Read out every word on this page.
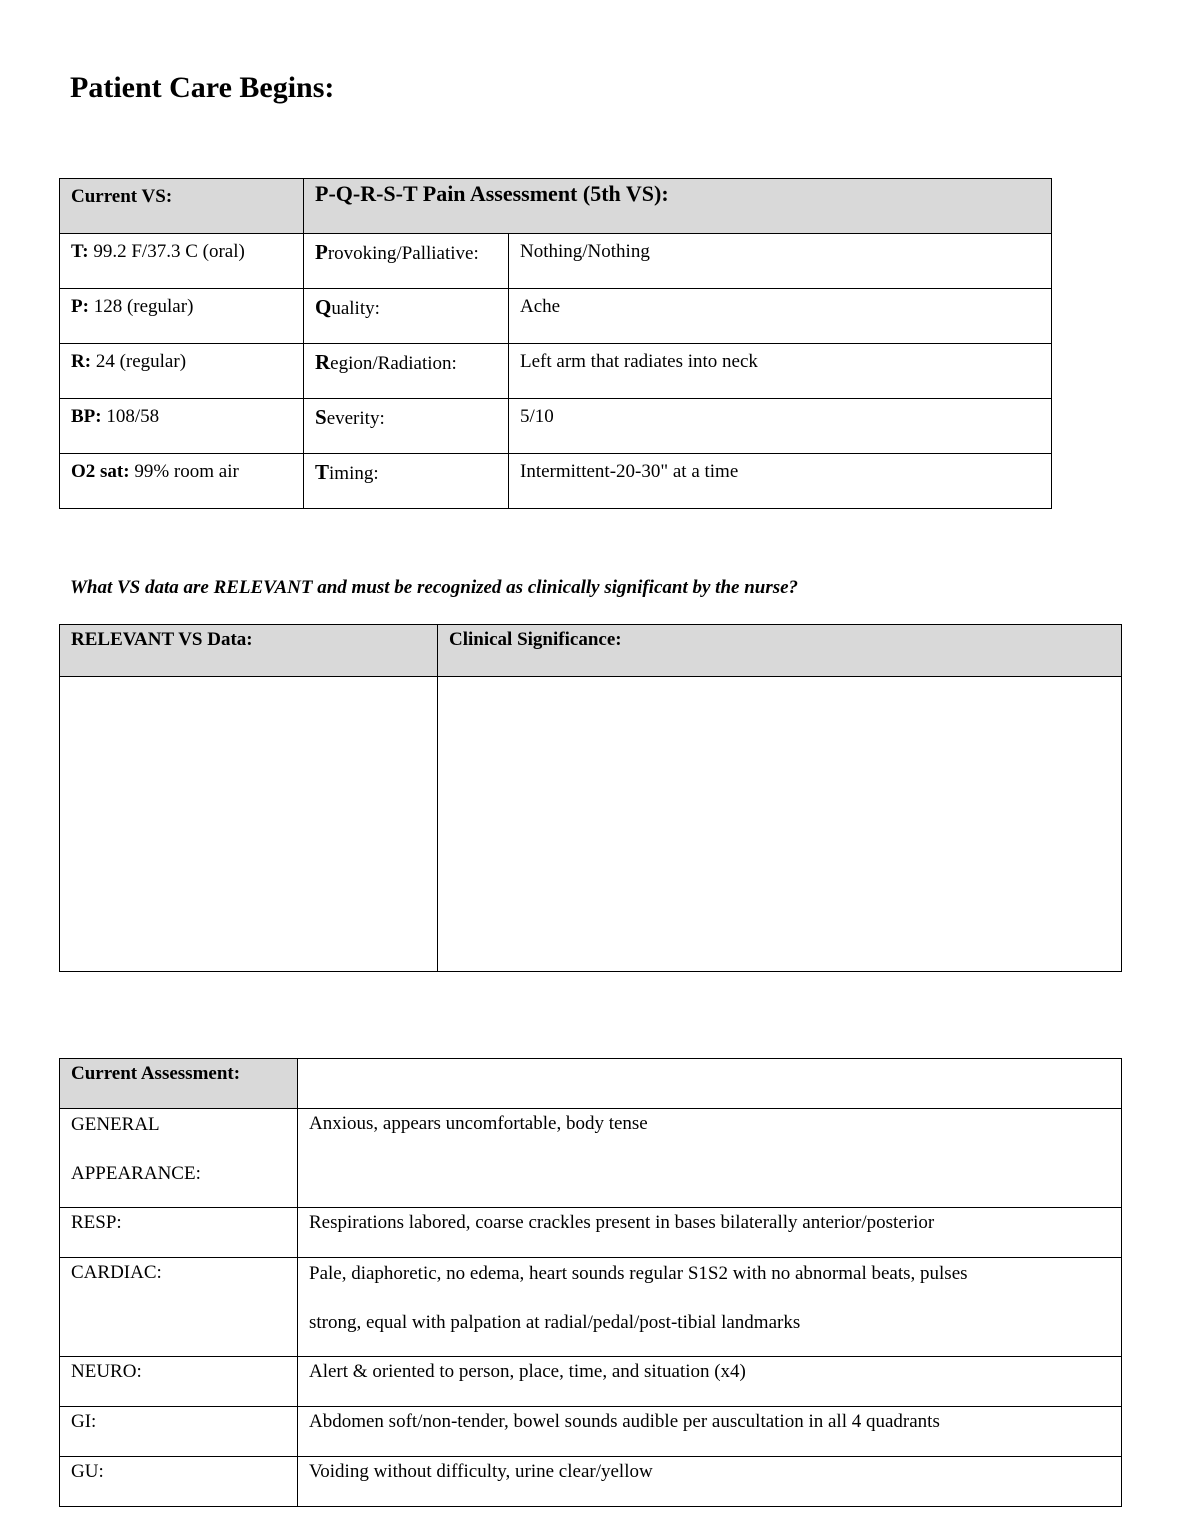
Patient Care Begins:
Current VS:	P-Q-R-S-T Pain Assessment (5th VS):	
T: 99.2 F/37.3 C (oral)	Provoking/Palliative:	Nothing/Nothing
P: 128 (regular)	Quality:	Ache
R: 24 (regular)	Region/Radiation:	Left arm that radiates into neck
BP: 108/58	Severity:	5/10
O2 sat: 99% room air	Timing:	Intermittent-20-30" at a time

What VS data are RELEVANT and must be recognized as clinically significant by the nurse?

RELEVANT VS Data:	Clinical Significance:

Current Assessment:	

GENERAL
APPEARANCE:	Anxious, appears uncomfortable, body tense
RESP:	Respirations labored, coarse crackles present in bases bilaterally anterior/posterior
CARDIAC:	Pale, diaphoretic, no edema, heart sounds regular S1S2 with no abnormal beats, pulses
strong, equal with palpation at radial/pedal/post-tibial landmarks

NEURO:	Alert & oriented to person, place, time, and situation (x4)
GI:	Abdomen soft/non-tender, bowel sounds audible per auscultation in all 4 quadrants
GU:	Voiding without difficulty, urine clear/yellow
